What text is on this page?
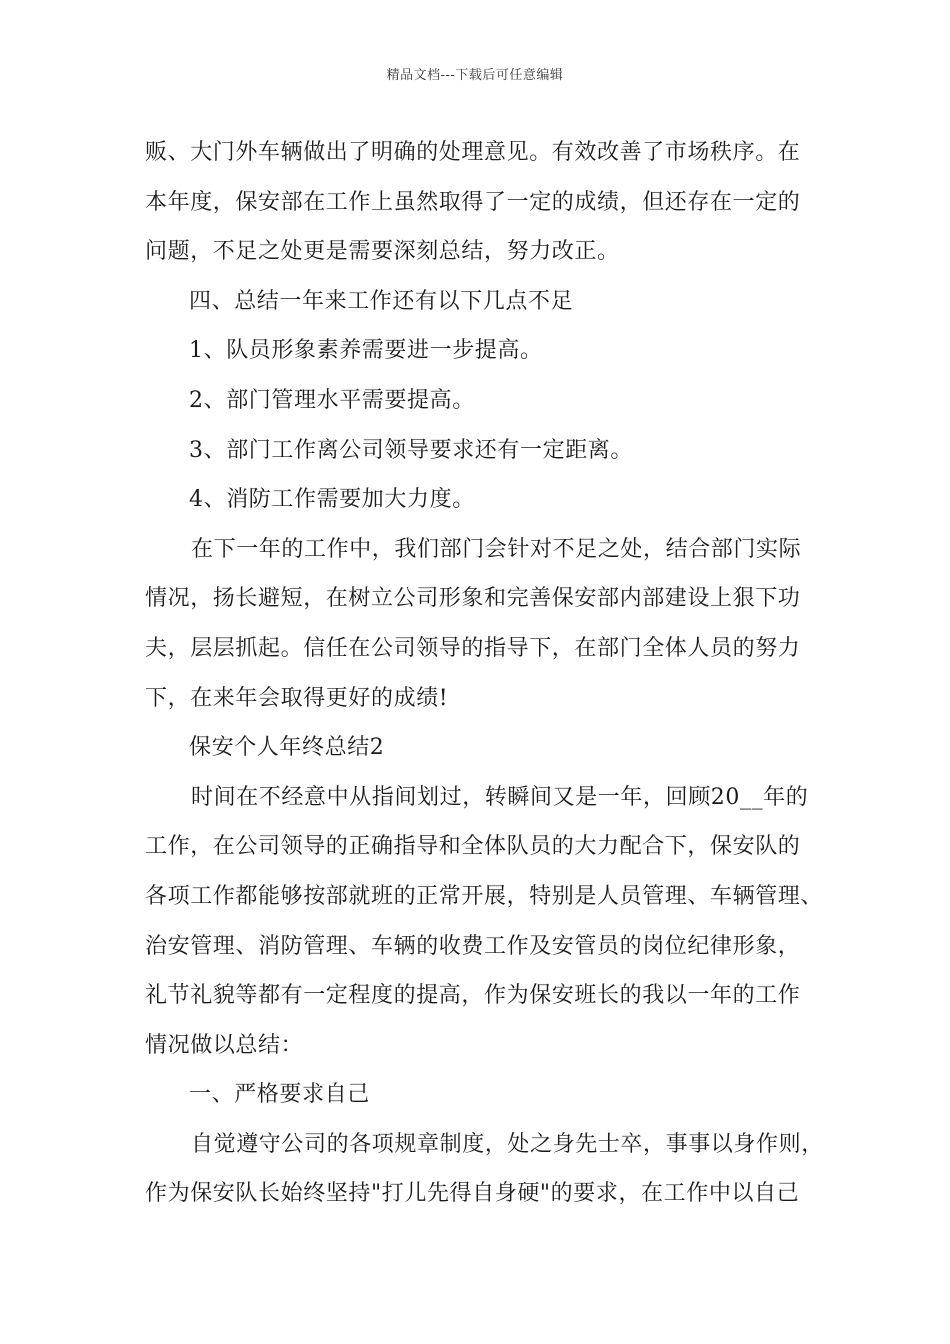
精品文档---下载后可任意编辑
贩、大门外车辆做出了明确的处理意见。有效改善了市场秩序。在
本年度，保安部在工作上虽然取得了一定的成绩，但还存在一定的
问题，不足之处更是需要深刻总结，努力改正。
四、总结一年来工作还有以下几点不足
1、队员形象素养需要进一步提高。
2、部门管理水平需要提高。
3、部门工作离公司领导要求还有一定距离。
4、消防工作需要加大力度。
在下一年的工作中，我们部门会针对不足之处，结合部门实际
情况，扬长避短，在树立公司形象和完善保安部内部建设上狠下功
夫，层层抓起。信任在公司领导的指导下，在部门全体人员的努力
下，在来年会取得更好的成绩!
保安个人年终总结2
时间在不经意中从指间划过，转瞬间又是一年，回顾20__年的
工作，在公司领导的正确指导和全体队员的大力配合下，保安队的
各项工作都能够按部就班的正常开展，特别是人员管理、车辆管理、
治安管理、消防管理、车辆的收费工作及安管员的岗位纪律形象，
礼节礼貌等都有一定程度的提高，作为保安班长的我以一年的工作
情况做以总结：
一、严格要求自己
自觉遵守公司的各项规章制度，处之身先士卒，事事以身作则，
作为保安队长始终坚持"打儿先得自身硬"的要求，在工作中以自己
